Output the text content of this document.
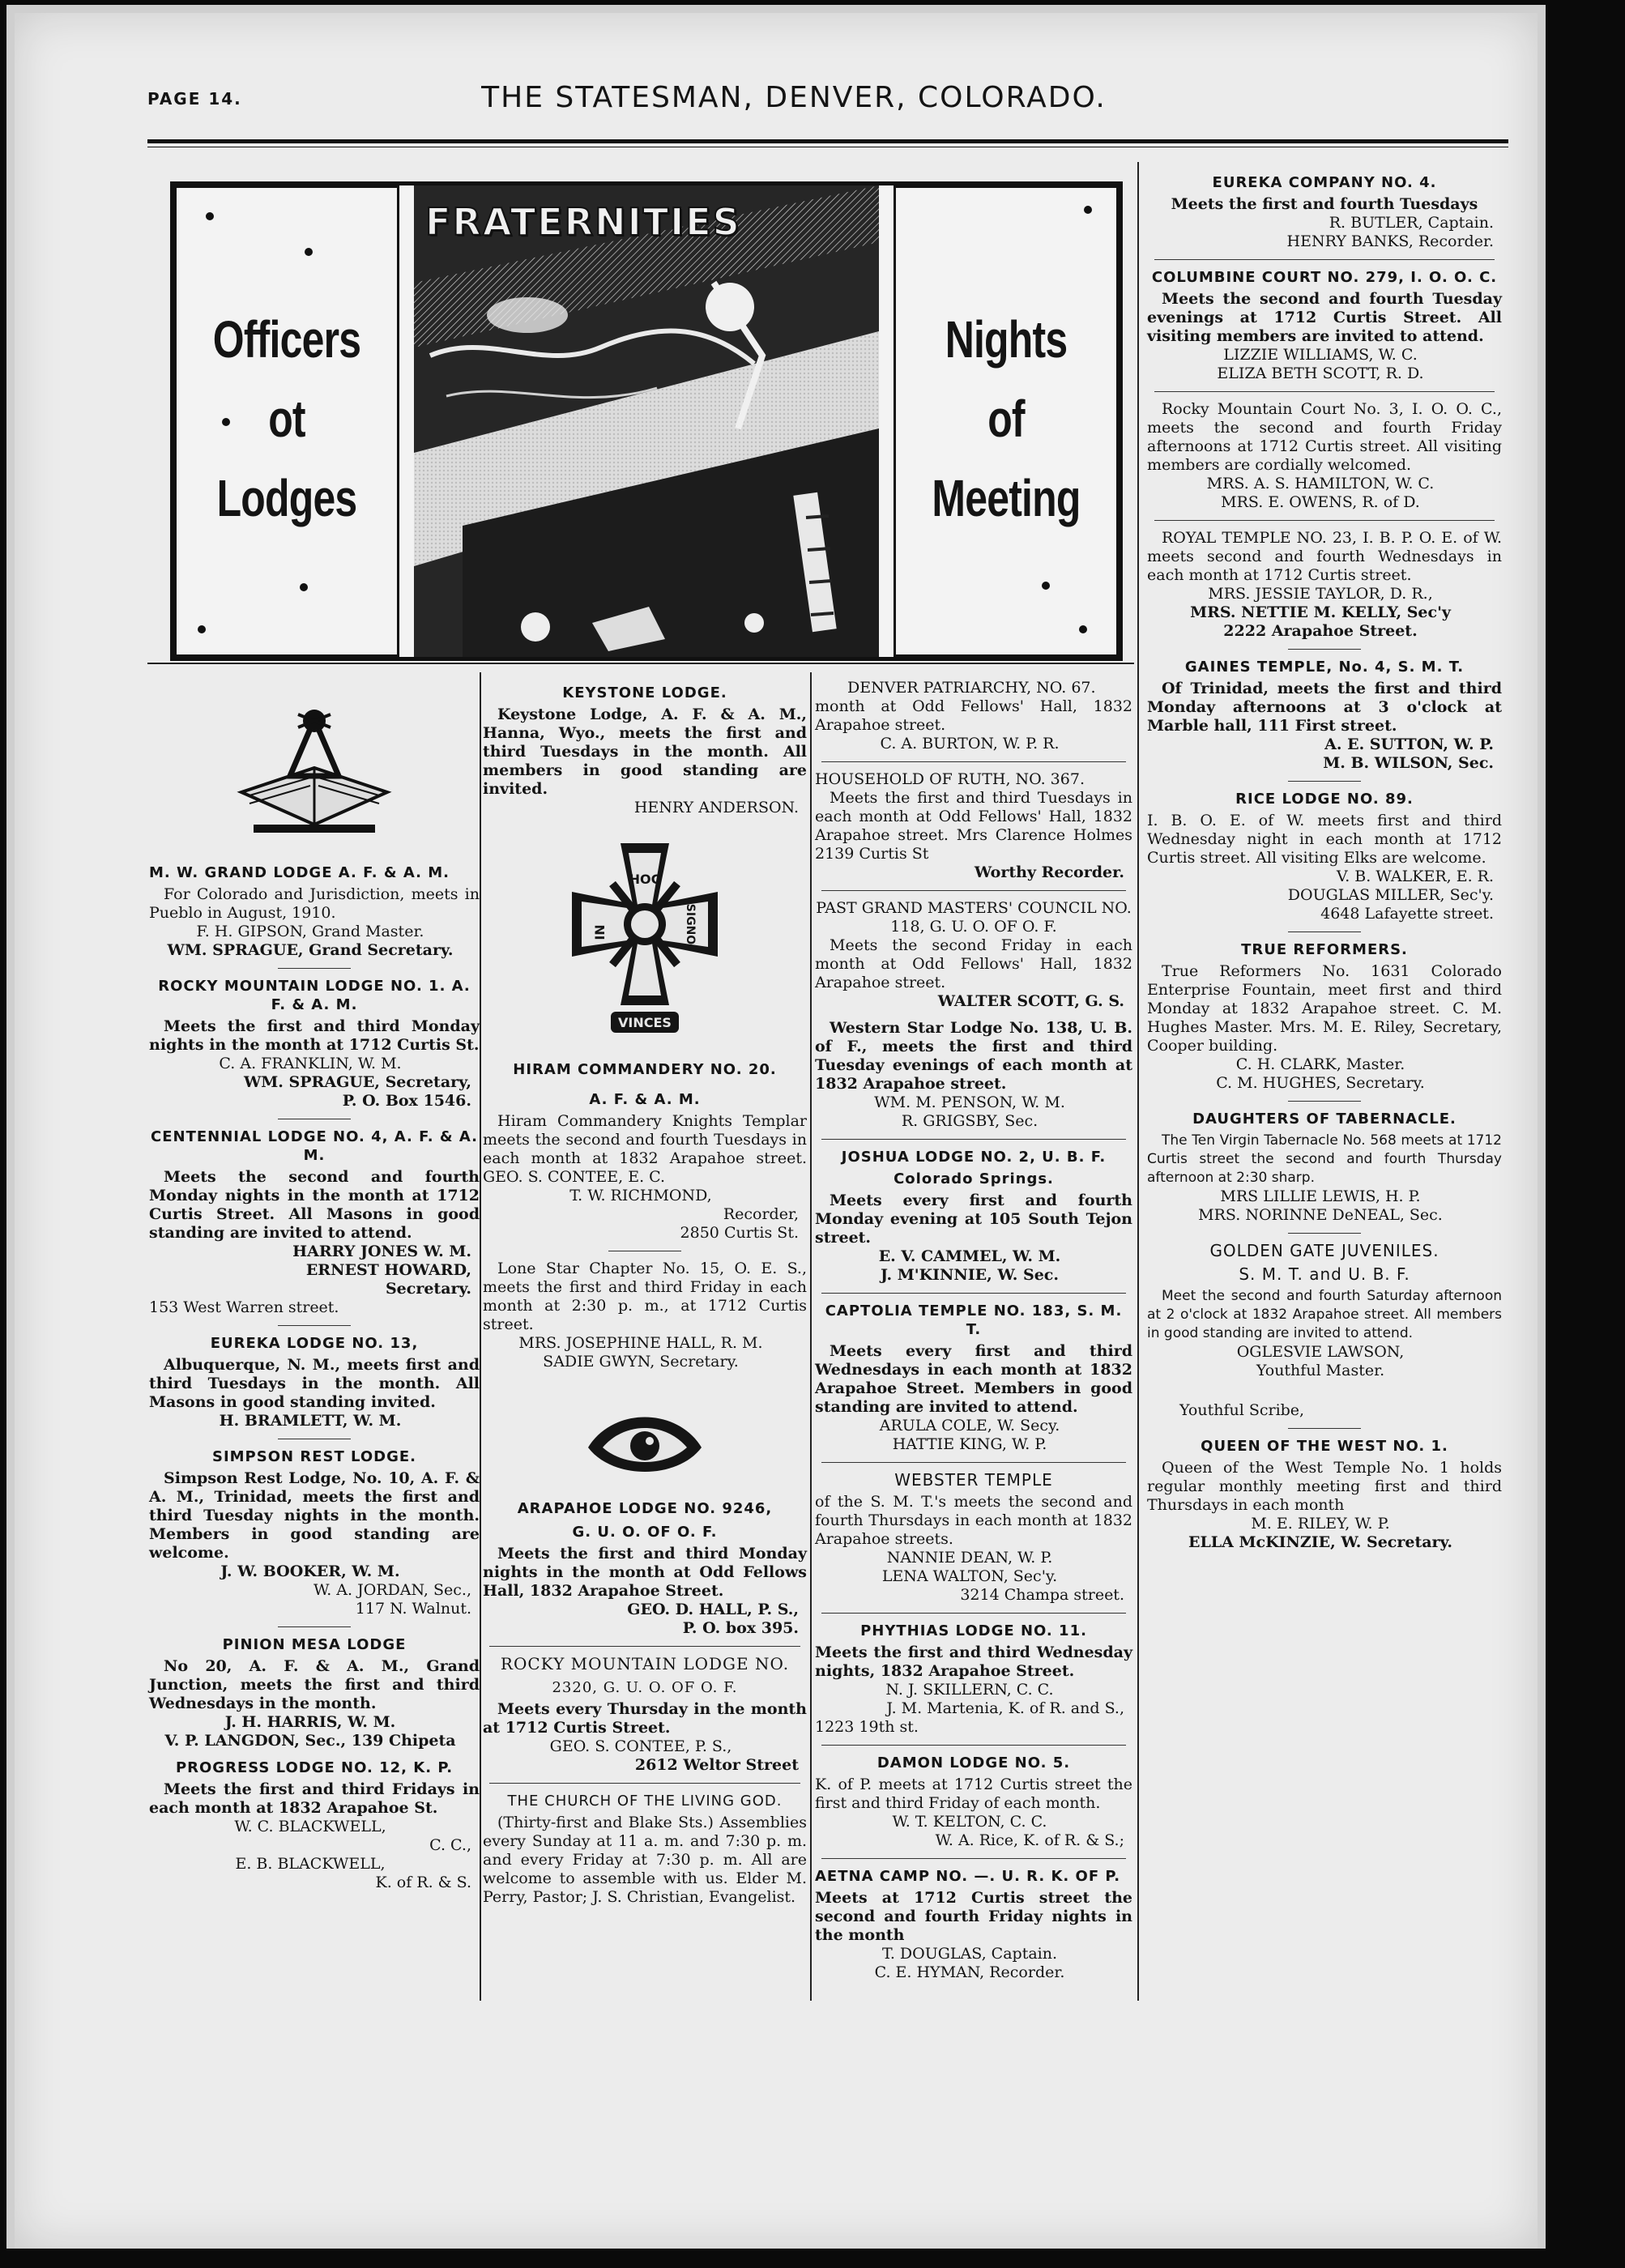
PAGE 14.	THE STATESMAN, DENVER, COLORADO.
Officers
ot
Lodges
FRATERNITIES
Nights
of
Meeting
M. W. GRAND LODGE A. F. & A. M.
For Colorado and Jurisdiction, meets in Pueblo in August, 1910.
F. H. GIPSON, Grand Master.
WM. SPRAGUE, Grand Secretary.
ROCKY MOUNTAIN LODGE NO. 1. A. F. & A. M.
Meets the first and third Monday nights in the month at 1712 Curtis St.
C. A. FRANKLIN, W. M.
WM. SPRAGUE, Secretary,
P. O. Box 1546.
CENTENNIAL LODGE NO. 4, A. F. & A. M.
Meets the second and fourth Monday nights in the month at 1712 Curtis Street. All Masons in good standing are invited to attend.
HARRY JONES W. M.
ERNEST HOWARD,
Secretary.
153 West Warren street.
EUREKA LODGE NO. 13,
Albuquerque, N. M., meets first and third Tuesdays in the month. All Masons in good standing invited.
H. BRAMLETT, W. M.
SIMPSON REST LODGE.
Simpson Rest Lodge, No. 10, A. F. & A. M., Trinidad, meets the first and third Tuesday nights in the month. Members in good standing are welcome.
J. W. BOOKER, W. M.
W. A. JORDAN, Sec.,
117 N. Walnut.
PINION MESA LODGE
No 20, A. F. & A. M., Grand Junction, meets the first and third Wednesdays in the month.
J. H. HARRIS, W. M.
V. P. LANGDON, Sec., 139 Chipeta
PROGRESS LODGE NO. 12, K. P.
Meets the first and third Fridays in each month at 1832 Arapahoe St.
W. C. BLACKWELL,
C. C.,
E. B. BLACKWELL,
K. of R. & S.
KEYSTONE LODGE.
Keystone Lodge, A. F. & A. M., Hanna, Wyo., meets the first and third Tuesdays in the month. All members in good standing are invited.
HENRY ANDERSON.
HOC
IN	SIGNO
VINCES
HIRAM COMMANDERY NO. 20.
A. F. & A. M.
Hiram Commandery Knights Templar meets the second and fourth Tuesdays in each month at 1832 Arapahoe street. GEO. S. CONTEE, E. C.
T. W. RICHMOND,
Recorder,
2850 Curtis St.
Lone Star Chapter No. 15, O. E. S., meets the first and third Friday in each month at 2:30 p. m., at 1712 Curtis street.
MRS. JOSEPHINE HALL, R. M.
SADIE GWYN, Secretary.
ARAPAHOE LODGE NO. 9246,
G. U. O. OF O. F.
Meets the first and third Monday nights in the month at Odd Fellows Hall, 1832 Arapahoe Street.
GEO. D. HALL, P. S.,
P. O. box 395.
ROCKY MOUNTAIN LODGE NO.
2320, G. U. O. OF O. F.
Meets every Thursday in the month at 1712 Curtis Street.
GEO. S. CONTEE, P. S.,
2612 Weltor Street
THE CHURCH OF THE LIVING GOD.
(Thirty-first and Blake Sts.) Assemblies every Sunday at 11 a. m. and 7:30 p. m. and every Friday at 7:30 p. m. All are welcome to assemble with us. Elder M. Perry, Pastor; J. S. Christian, Evangelist.
DENVER PATRIARCHY, NO. 67.
month at Odd Fellows' Hall, 1832 Arapahoe street.
C. A. BURTON, W. P. R.
HOUSEHOLD OF RUTH, NO. 367.
Meets the first and third Tuesdays in each month at Odd Fellows' Hall, 1832 Arapahoe street. Mrs Clarence Holmes 2139 Curtis St
Worthy Recorder.
PAST GRAND MASTERS' COUNCIL NO. 118, G. U. O. OF O. F.
Meets the second Friday in each month at Odd Fellows' Hall, 1832 Arapahoe street.
WALTER SCOTT, G. S.
Western Star Lodge No. 138, U. B. of F., meets the first and third Tuesday evenings of each month at 1832 Arapahoe street.
WM. M. PENSON, W. M.
R. GRIGSBY, Sec.
JOSHUA LODGE NO. 2, U. B. F.
Colorado Springs.
Meets every first and fourth Monday evening at 105 South Tejon street.
E. V. CAMMEL, W. M.
J. M'KINNIE, W. Sec.
CAPTOLIA TEMPLE NO. 183, S. M. T.
Meets every first and third Wednesdays in each month at 1832 Arapahoe Street. Members in good standing are invited to attend.
ARULA COLE, W. Secy.
HATTIE KING, W. P.
WEBSTER TEMPLE
of the S. M. T.'s meets the second and fourth Thursdays in each month at 1832 Arapahoe streets.
NANNIE DEAN, W. P.
LENA WALTON, Sec'y.
3214 Champa street.
PHYTHIAS LODGE NO. 11.
Meets the first and third Wednesday nights, 1832 Arapahoe Street.
N. J. SKILLERN, C. C.
J. M. Martenia, K. of R. and S.,
1223 19th st.
DAMON LODGE NO. 5.
K. of P. meets at 1712 Curtis street the first and third Friday of each month.
W. T. KELTON, C. C.
W. A. Rice, K. of R. & S.;
AETNA CAMP NO. —. U. R. K. OF P.
Meets at 1712 Curtis street the second and fourth Friday nights in the month
T. DOUGLAS, Captain.
C. E. HYMAN, Recorder.
EUREKA COMPANY NO. 4.
Meets the first and fourth Tuesdays
R. BUTLER, Captain.
HENRY BANKS, Recorder.
COLUMBINE COURT NO. 279, I. O. O. C.
Meets the second and fourth Tuesday evenings at 1712 Curtis Street. All visiting members are invited to attend.
LIZZIE WILLIAMS, W. C.
ELIZA BETH SCOTT, R. D.
Rocky Mountain Court No. 3, I. O. O. C., meets the second and fourth Friday afternoons at 1712 Curtis street. All visiting members are cordially welcomed.
MRS. A. S. HAMILTON, W. C.
MRS. E. OWENS, R. of D.
ROYAL TEMPLE NO. 23, I. B. P. O. E. of W. meets second and fourth Wednesdays in each month at 1712 Curtis street.
MRS. JESSIE TAYLOR, D. R.,
MRS. NETTIE M. KELLY, Sec'y
2222 Arapahoe Street.
GAINES TEMPLE, No. 4, S. M. T.
Of Trinidad, meets the first and third Monday afternoons at 3 o'clock at Marble hall, 111 First street.
A. E. SUTTON, W. P.
M. B. WILSON, Sec.
RICE LODGE NO. 89.
I. B. O. E. of W. meets first and third Wednesday night in each month at 1712 Curtis street. All visiting Elks are welcome.
V. B. WALKER, E. R.
DOUGLAS MILLER, Sec'y.
4648 Lafayette street.
TRUE REFORMERS.
True Reformers No. 1631 Colorado Enterprise Fountain, meet first and third Monday at 1832 Arapahoe street. C. M. Hughes Master. Mrs. M. E. Riley, Secretary, Cooper building.
C. H. CLARK, Master.
C. M. HUGHES, Secretary.
DAUGHTERS OF TABERNACLE.
The Ten Virgin Tabernacle No. 568 meets at 1712 Curtis street the second and fourth Thursday afternoon at 2:30 sharp.
MRS LILLIE LEWIS, H. P.
MRS. NORINNE DeNEAL, Sec.
GOLDEN GATE JUVENILES.
S. M. T. and U. B. F.
Meet the second and fourth Saturday afternoon at 2 o'clock at 1832 Arapahoe street. All members in good standing are invited to attend.
OGLESVIE LAWSON,
Youthful Master.
Youthful Scribe,
QUEEN OF THE WEST NO. 1.
Queen of the West Temple No. 1 holds regular monthly meeting first and third Thursdays in each month
M. E. RILEY, W. P.
ELLA McKINZIE, W. Secretary.
